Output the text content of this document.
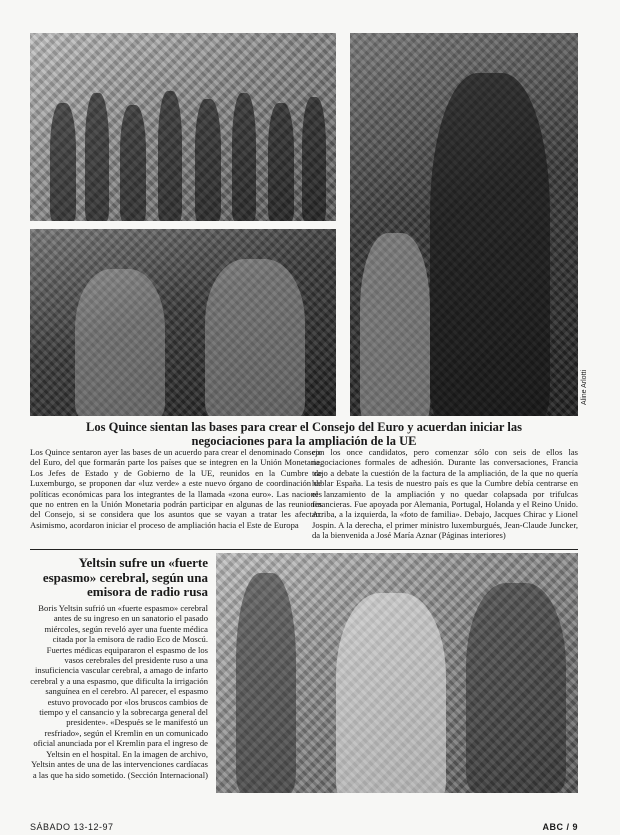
Aline Arlotti
Los Quince sientan las bases para crear el Consejo del Euro y acuerdan iniciar las
negociaciones para la ampliación de la UE

Los Quince sentaron ayer las bases de un acuerdo para crear el denominado Consejo del Euro, del que formarán parte los países que se integren en la Unión Monetaria. Los Jefes de Estado y de Gobierno de la UE, reunidos en la Cumbre de Luxemburgo, se proponen dar «luz verde» a este nuevo órgano de coordinación de políticas económicas para los integrantes de la llamada «zona euro». Las naciones que no entren en la Unión Monetaria podrán participar en algunas de las reuniones del Consejo, si se considera que los asuntos que se vayan a tratar les afectan. Asimismo, acordaron iniciar el proceso de ampliación hacia el Este de Europa

con los once candidatos, pero comenzar sólo con seis de ellos las negociaciones formales de adhesión. Durante las conversaciones, Francia trajo a debate la cuestión de la factura de la ampliación, de la que no quería hablar España. La tesis de nuestro país es que la Cumbre debía centrarse en el lanzamiento de la ampliación y no quedar colapsada por trifulcas financieras. Fue apoyada por Alemania, Portugal, Holanda y el Reino Unido. Arriba, a la izquierda, la «foto de familia». Debajo, Jacques Chirac y Lionel Jospin. A la derecha, el primer ministro luxemburgués, Jean-Claude Juncker, da la bienvenida a José María Aznar (Páginas interiores)

Yeltsin sufre un «fuerte espasmo» cerebral, según una emisora de radio rusa

Boris Yeltsin sufrió un «fuerte espasmo» cerebral antes de su ingreso en un sanatorio el pasado miércoles, según reveló ayer una fuente médica citada por la emisora de radio Eco de Moscú. Fuertes médicas equipararon el espasmo de los vasos cerebrales del presidente ruso a una insuficiencia vascular cerebral, a amago de infarto cerebral y a una espasmo, que dificulta la irrigación sanguínea en el cerebro. Al parecer, el espasmo estuvo provocado por «los bruscos cambios de tiempo y el cansancio y la sobrecarga general del presidente». «Después se le manifestó un resfriado», según el Kremlin en un comunicado oficial anunciada por el Kremlin para el ingreso de Yeltsin en el hospital. En la imagen de archivo, Yeltsin antes de una de las intervenciones cardíacas a las que ha sido sometido. (Sección Internacional)

SÁBADO 13-12-97	ABC / 9
